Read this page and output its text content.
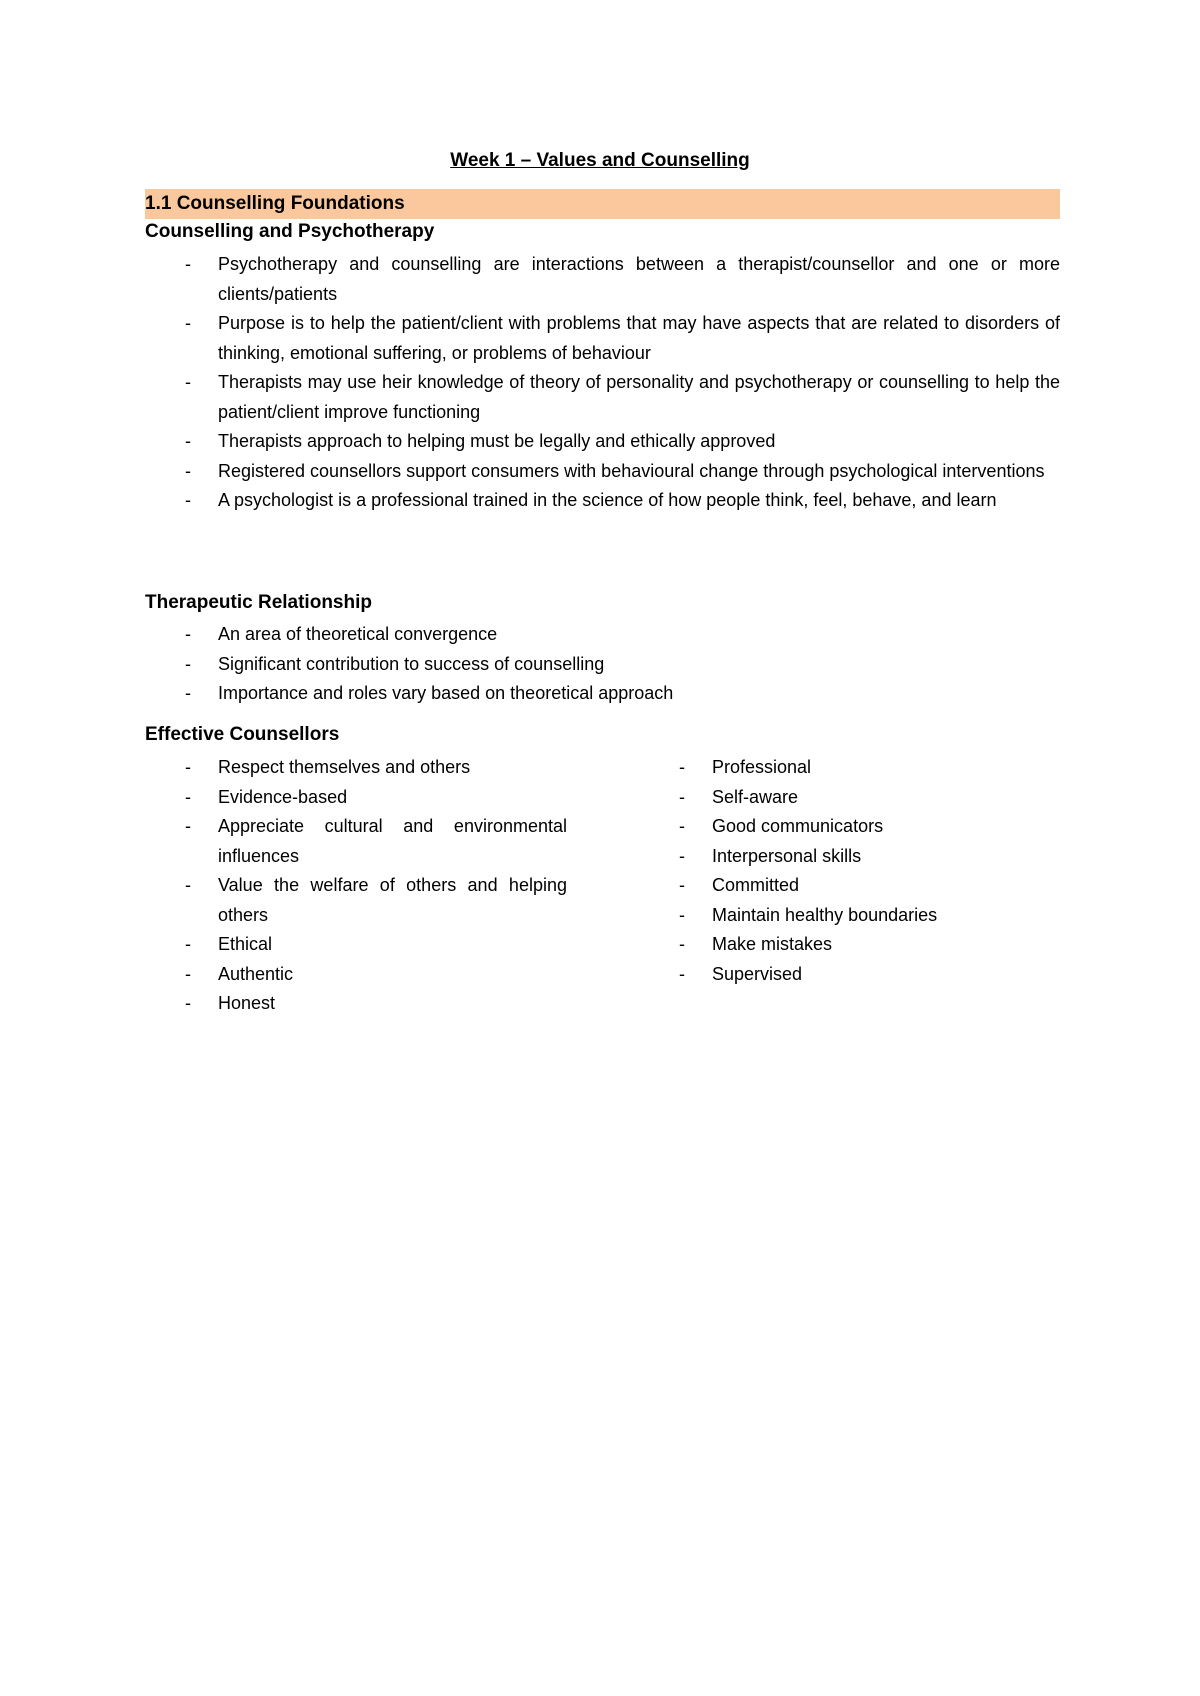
Week 1 – Values and Counselling
1.1 Counselling Foundations
Counselling and Psychotherapy
- Psychotherapy and counselling are interactions between a therapist/counsellor and one or more clients/patients
- Purpose is to help the patient/client with problems that may have aspects that are related to disorders of thinking, emotional suffering, or problems of behaviour
- Therapists may use heir knowledge of theory of personality and psychotherapy or counselling to help the patient/client improve functioning
- Therapists approach to helping must be legally and ethically approved
- Registered counsellors support consumers with behavioural change through psychological interventions
- A psychologist is a professional trained in the science of how people think, feel, behave, and learn
Therapeutic Relationship
- An area of theoretical convergence
- Significant contribution to success of counselling
- Importance and roles vary based on theoretical approach
Effective Counsellors
- Respect themselves and others
- Evidence-based
- Appreciate cultural and environmental influences
- Value the welfare of others and helping others
- Ethical
- Authentic
- Honest
- Professional
- Self-aware
- Good communicators
- Interpersonal skills
- Committed
- Maintain healthy boundaries
- Make mistakes
- Supervised
